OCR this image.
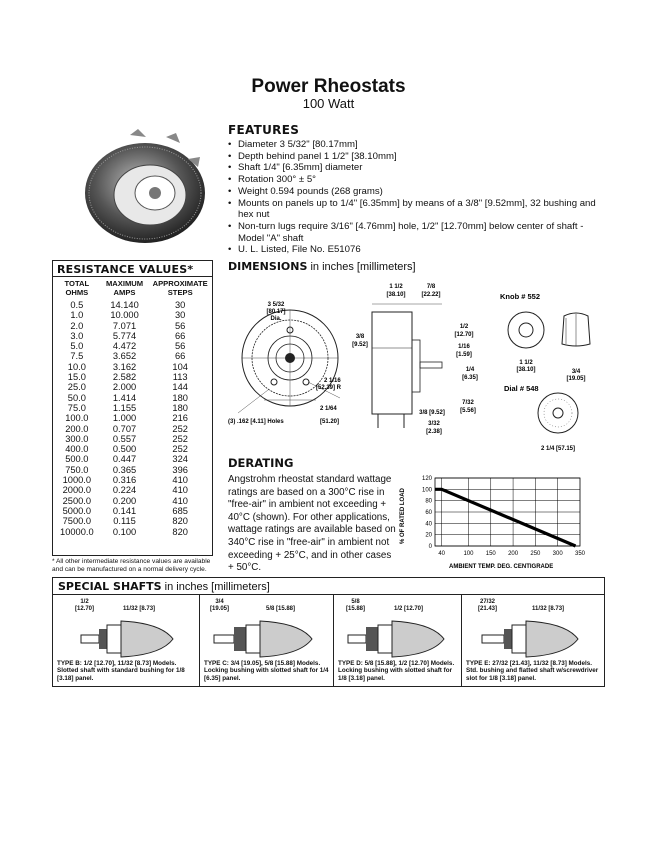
Power Rheostats
100 Watt
FEATURES
• Diameter 3 5/32" [80.17mm]
• Depth behind panel 1 1/2" [38.10mm]
• Shaft 1/4" [6.35mm] diameter
• Rotation 300° ± 5°
• Weight 0.594 pounds (268 grams)
• Mounts on panels up to 1/4" [6.35mm] by means of a 3/8" [9.52mm], 32 bushing and hex nut
• Non-turn lugs require 3/16" [4.76mm] hole, 1/2" [12.70mm] below center of shaft - Model "A" shaft
• U. L. Listed, File No. E51076
RESISTANCE VALUES*
TOTAL OHMS	MAXIMUM AMPS	APPROXIMATE STEPS
0.5	14.140	30
1.0	10.000	30
2.0	7.071	56
3.0	5.774	66
5.0	4.472	56
7.5	3.652	66
10.0	3.162	104
15.0	2.582	113
25.0	2.000	144
50.0	1.414	180
75.0	1.155	180
100.0	1.000	216
200.0	0.707	252
300.0	0.557	252
400.0	0.500	252
500.0	0.447	324
750.0	0.365	396
1000.0	0.316	410
2000.0	0.224	410
2500.0	0.200	410
5000.0	0.141	685
7500.0	0.115	820
10000.0	0.100	820
* All other intermediate resistance values are available and can be manufactured on a normal delivery cycle.
DIMENSIONS in inches [millimeters]
3 5/32
[80.17]
Dia.
2 1/16
[52.39] R
(3) .162 [4.11] Holes
2 1/64
[51.20]
1 1/2
[38.10]
7/8
[22.22]
1/2
[12.70]
3/8
[9.52]	1/16
[1.59]
1/4
[6.35]
7/32
[5.56]
3/8 [9.52]
3/32
[2.38]
Knob # 552
1 1/2
[38.10]	3/4
[19.05]
Dial # 548
2 1/4 [57.15]
DERATING
Angstrohm rheostat standard wattage ratings are based on a 300°C rise in "free-air" in ambient not exceeding + 40°C (shown). For other applications, wattage ratings are available based on 340°C rise in "free-air" in ambient not exceeding + 25°C, and in other cases + 50°C.
0
20
40
60
80
100
120
40	100 150 200 250 300 350
% OF RATED LOAD
AMBIENT TEMP. DEG. CENTIGRADE
SPECIAL SHAFTS in inches [millimeters]
1/2
[12.70]	11/32 [8.73]
TYPE B: 1/2 [12.70], 11/32 [8.73] Models. Slotted shaft with standard bushing for 1/8 [3.18] panel.
3/4
[19.05]	5/8 [15.88]
TYPE C: 3/4 [19.05], 5/8 [15.88] Models. Locking bushing with slotted shaft for 1/4 [6.35] panel.
5/8
[15.88]	1/2 [12.70]
TYPE D: 5/8 [15.88], 1/2 [12.70] Models. Locking bushing with slotted shaft for 1/8 [3.18] panel.
27/32
[21.43]	11/32 [8.73]
TYPE E: 27/32 [21.43], 11/32 [8.73] Models. Std. bushing and flatted shaft w/screwdriver slot for 1/8 [3.18] panel.
